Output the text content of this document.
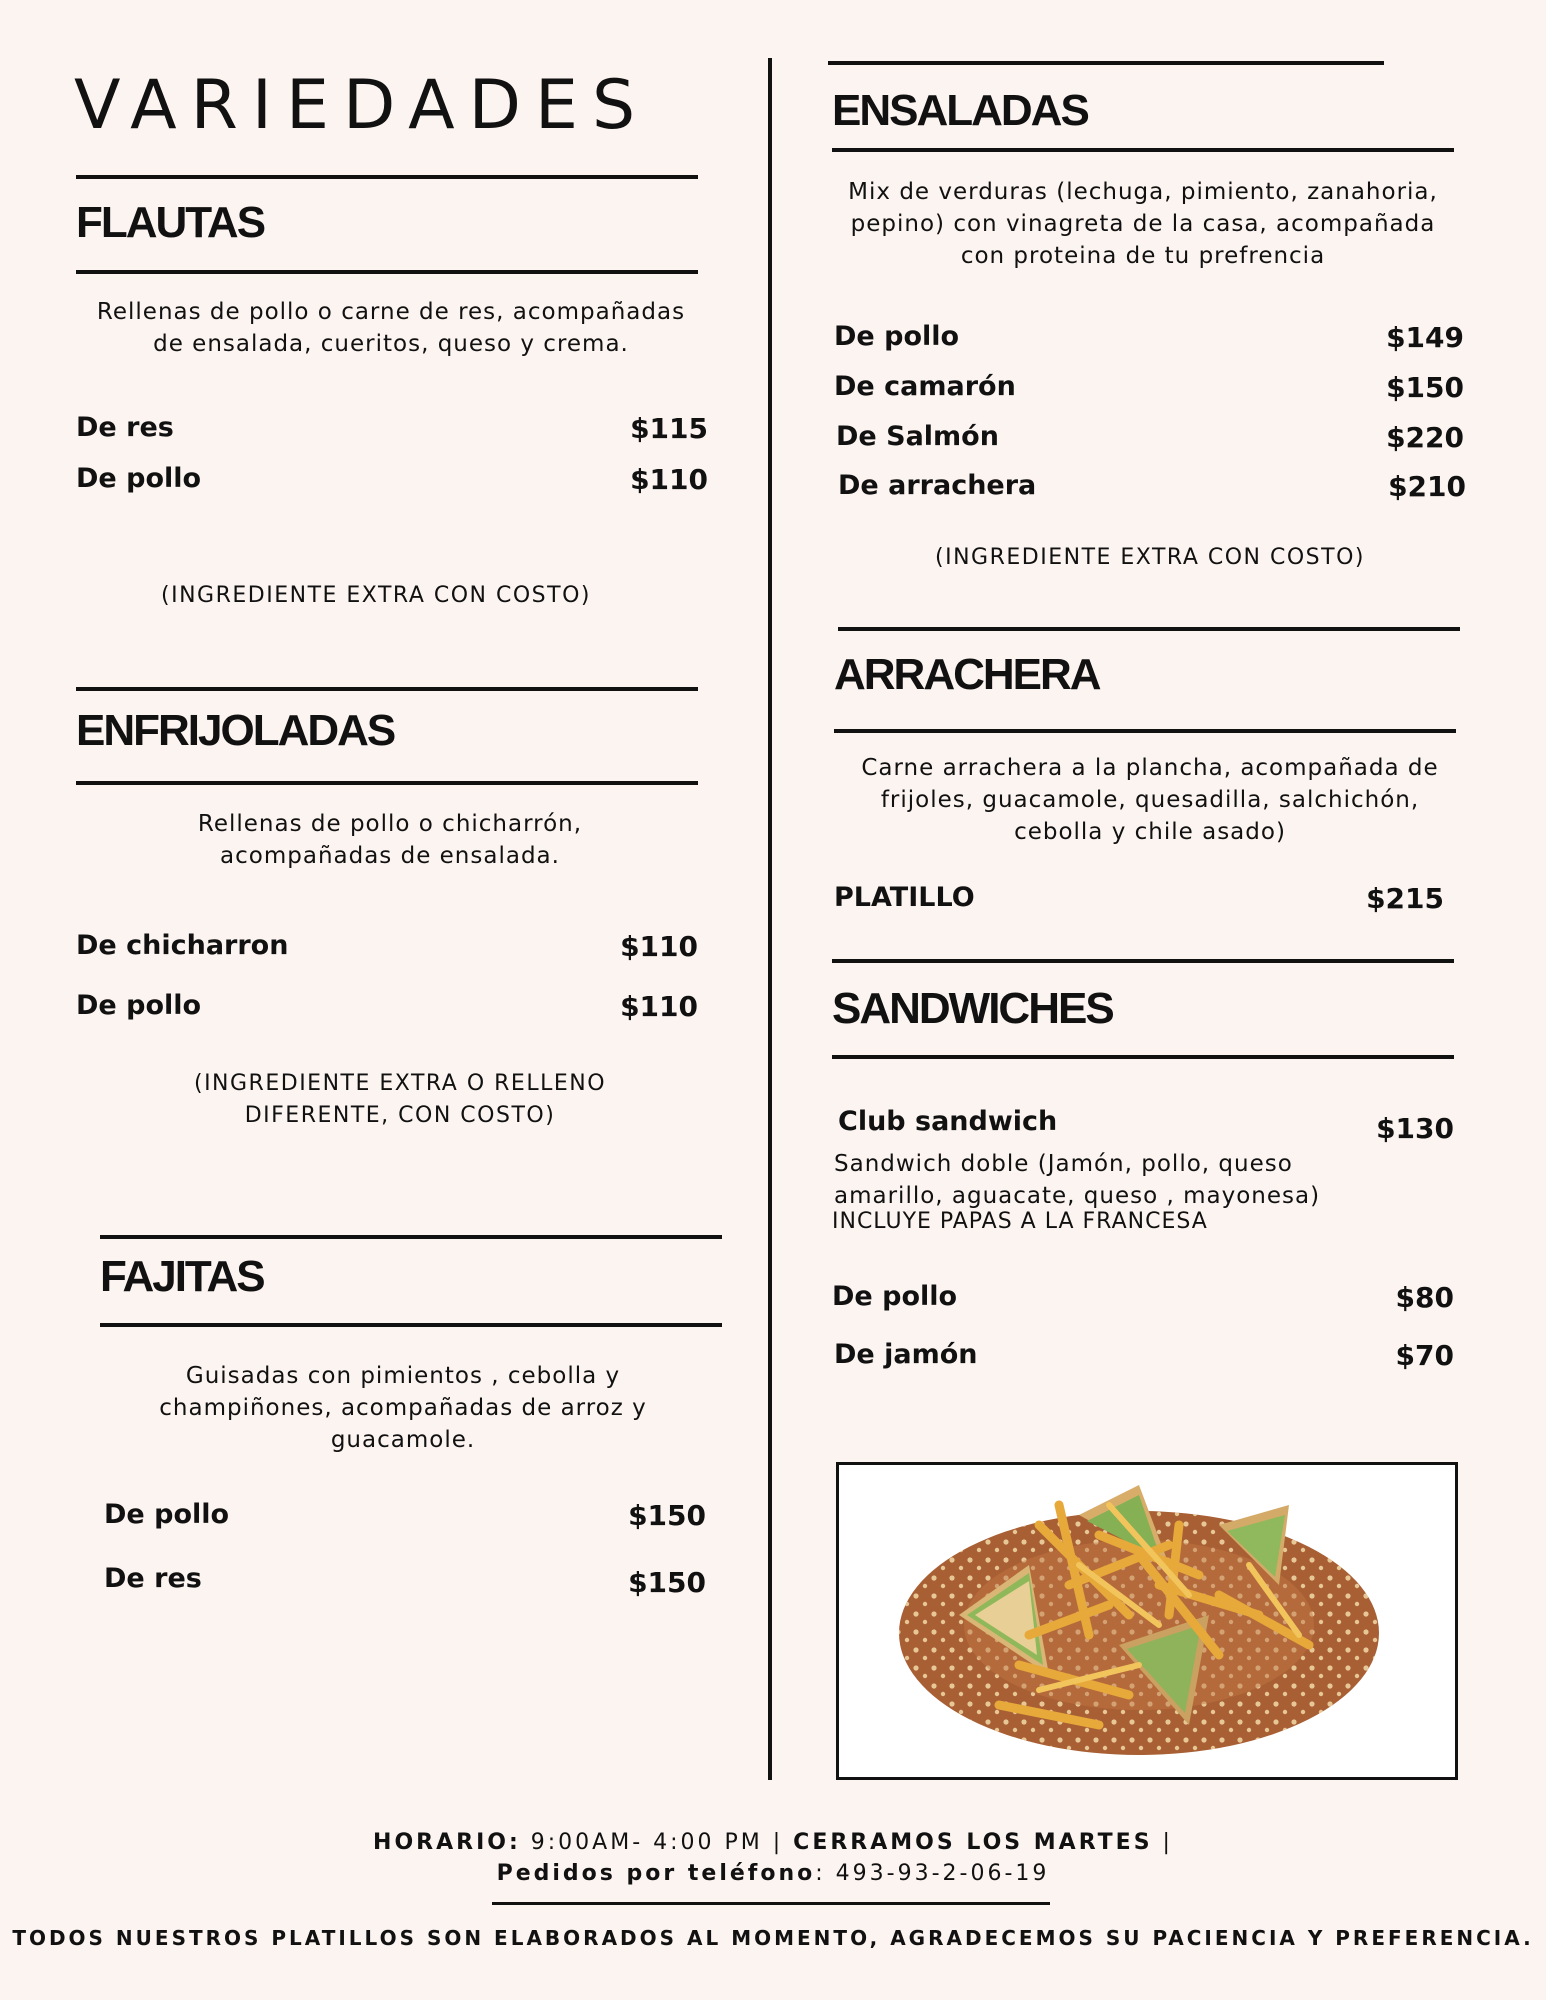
VARIEDADES
FLAUTAS
Rellenas de pollo o carne de res, acompañadas de ensalada, cueritos, queso y crema.
De res	$115
De pollo	$110
(INGREDIENTE EXTRA CON COSTO)
ENFRIJOLADAS
Rellenas de pollo o chicharrón, acompañadas de ensalada.
De chicharron	$110
De pollo	$110
(INGREDIENTE EXTRA O RELLENO DIFERENTE, CON COSTO)
FAJITAS
Guisadas con pimientos , cebolla y champiñones, acompañadas de arroz y guacamole.
De pollo	$150
De res	$150
ENSALADAS
Mix de verduras (lechuga, pimiento, zanahoria, pepino) con vinagreta de la casa, acompañada con proteina de tu prefrencia
De pollo	$149
De camarón	$150
De Salmón	$220
De arrachera	$210
(INGREDIENTE EXTRA CON COSTO)
ARRACHERA
Carne arrachera a la plancha, acompañada de frijoles, guacamole, quesadilla, salchichón, cebolla y chile asado)
PLATILLO	$215
SANDWICHES
Club sandwich	$130
Sandwich doble (Jamón, pollo, queso
amarillo, aguacate, queso , mayonesa)
INCLUYE PAPAS A LA FRANCESA
De pollo	$80
De jamón	$70
HORARIO: 9:00AM- 4:00 PM | CERRAMOS LOS MARTES |
Pedidos por teléfono: 493-93-2-06-19
TODOS NUESTROS PLATILLOS SON ELABORADOS AL MOMENTO, AGRADECEMOS SU PACIENCIA Y PREFERENCIA.
